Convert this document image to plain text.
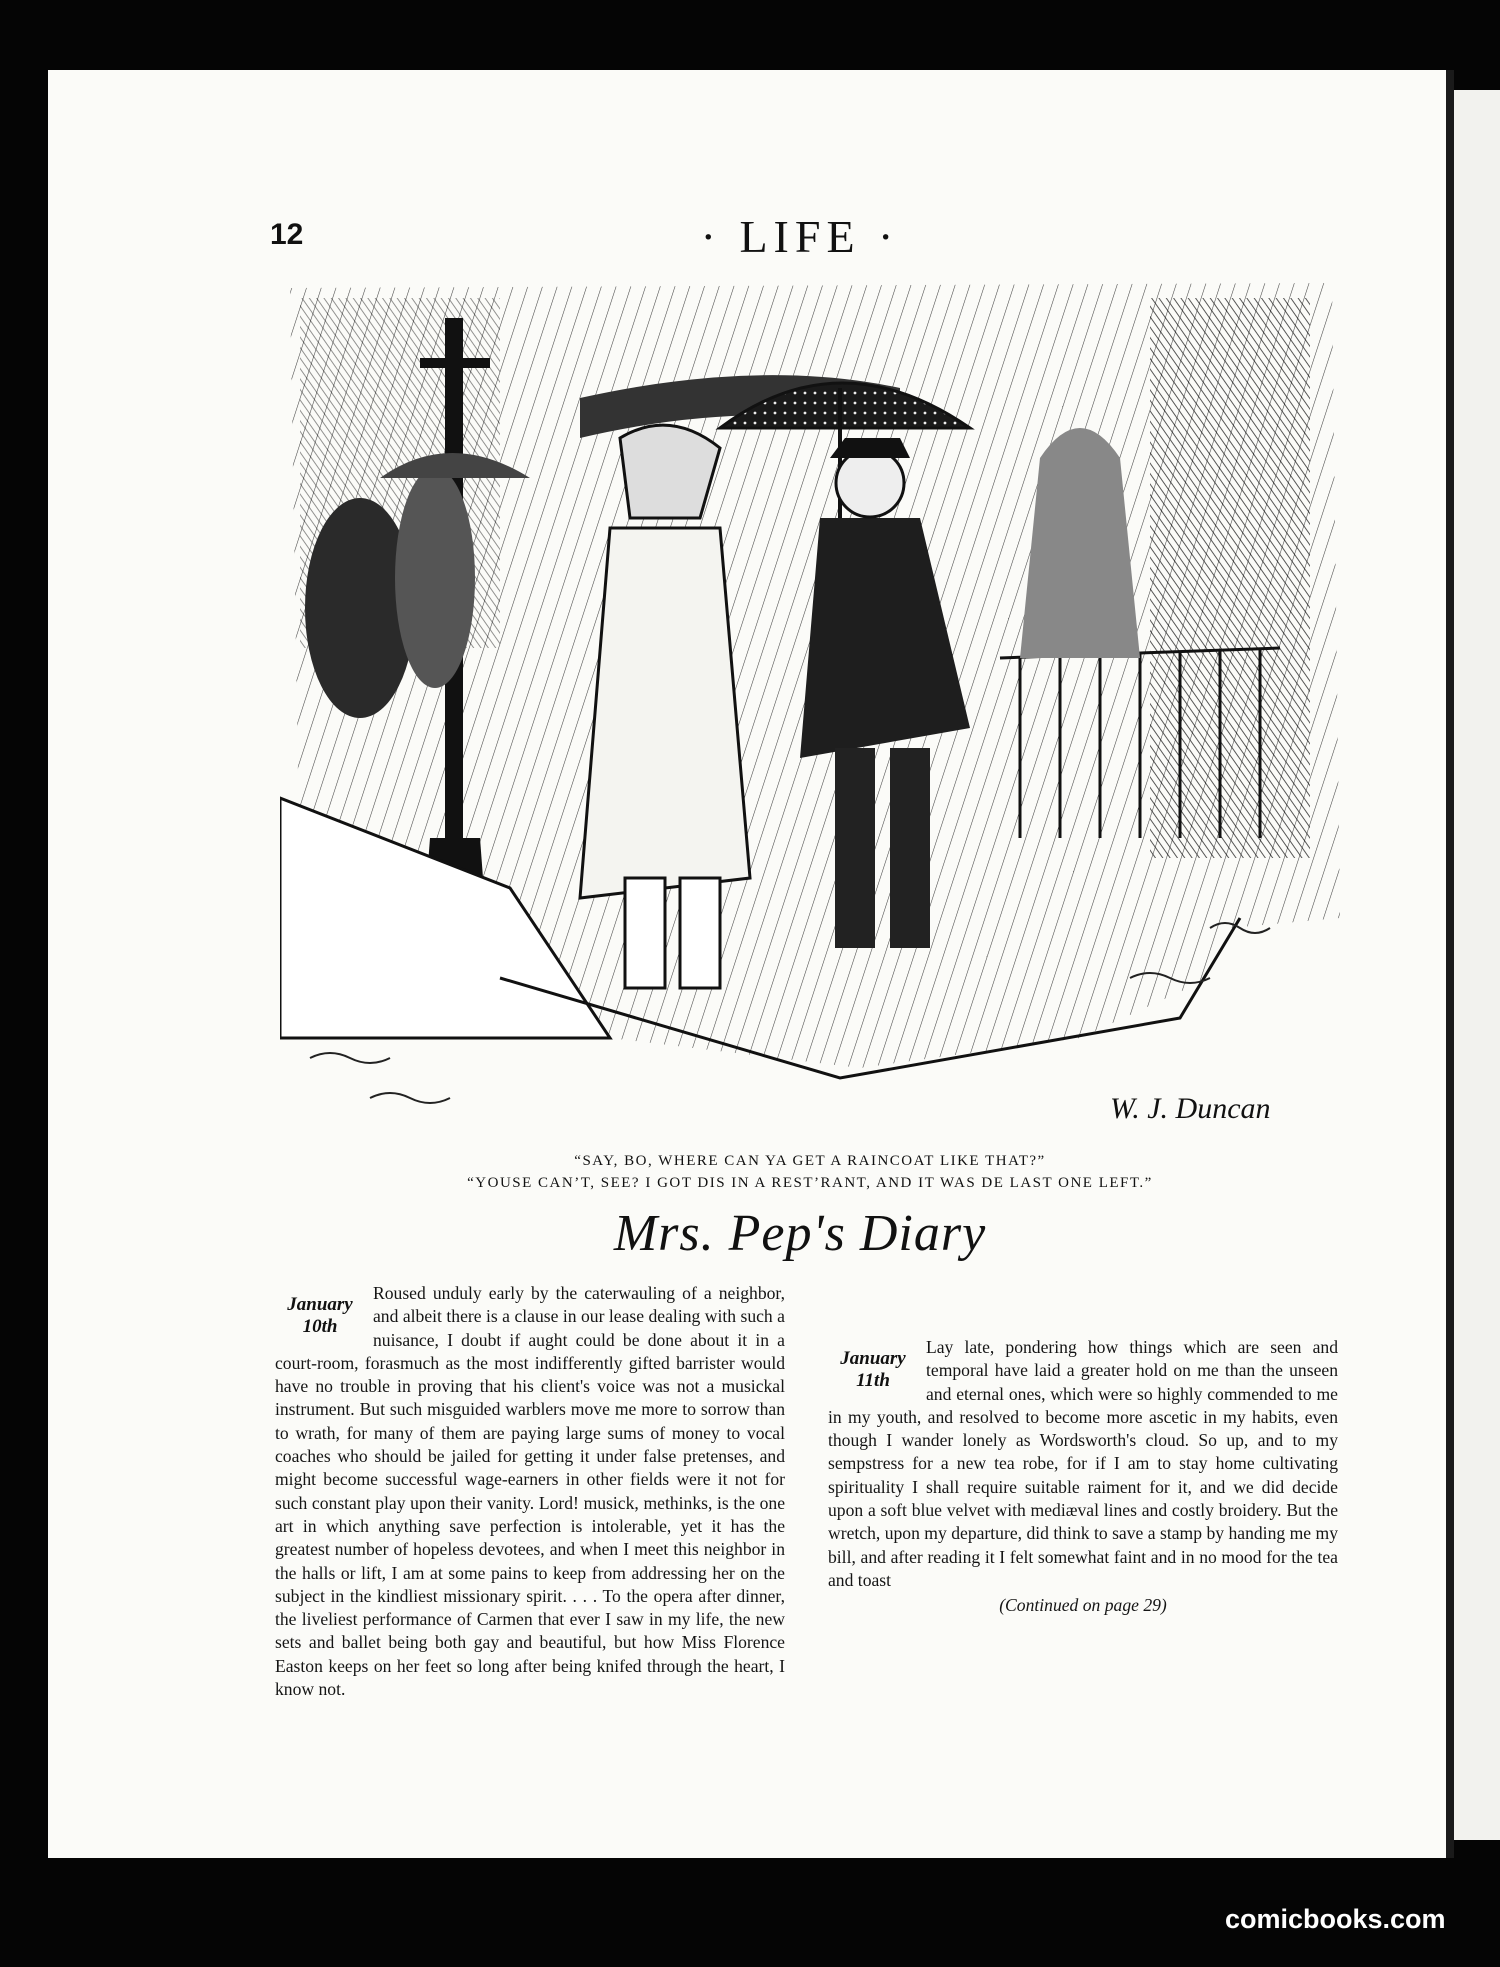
12	· LIFE ·
W. J. Duncan
“SAY, BO, WHERE CAN YA GET A RAINCOAT LIKE THAT?”
“YOUSE CAN’T, SEE? I GOT DIS IN A REST’RANT, AND IT WAS DE LAST ONE LEFT.”
Mrs. Pep's Diary
January
10th

Roused unduly early by the caterwauling of a neighbor, and albeit there is a clause in our lease dealing with such a nuisance, I doubt if aught could be done about it in a court-room, forasmuch as the most indifferently gifted barrister would have no trouble in proving that his client's voice was not a musickal instrument. But such misguided warblers move me more to sorrow than to wrath, for many of them are paying large sums of money to vocal coaches who should be jailed for getting it under false pretenses, and might become successful wage-earners in other fields were it not for such constant play upon their vanity. Lord! musick, methinks, is the one art in which anything save perfection is intolerable, yet it has the greatest number of hopeless devotees, and when I meet this neighbor in the halls or lift, I am at some pains to keep from addressing her on the subject in the kindliest missionary spirit. . . . To the opera after dinner, the liveliest performance of Carmen that ever I saw in my life, the new sets and ballet being both gay and beautiful, but how Miss Florence Easton keeps on her feet so long after being knifed through the heart, I know not.

January
11th

Lay late, pondering how things which are seen and temporal have laid a greater hold on me than the unseen and eternal ones, which were so highly commended to me in my youth, and resolved to become more ascetic in my habits, even though I wander lonely as Wordsworth's cloud. So up, and to my sempstress for a new tea robe, for if I am to stay home cultivating spirituality I shall require suitable raiment for it, and we did decide upon a soft blue velvet with mediæval lines and costly broidery. But the wretch, upon my departure, did think to save a stamp by handing me my bill, and after reading it I felt somewhat faint and in no mood for the tea and toast

(Continued on page 29)
comicbooks.com
